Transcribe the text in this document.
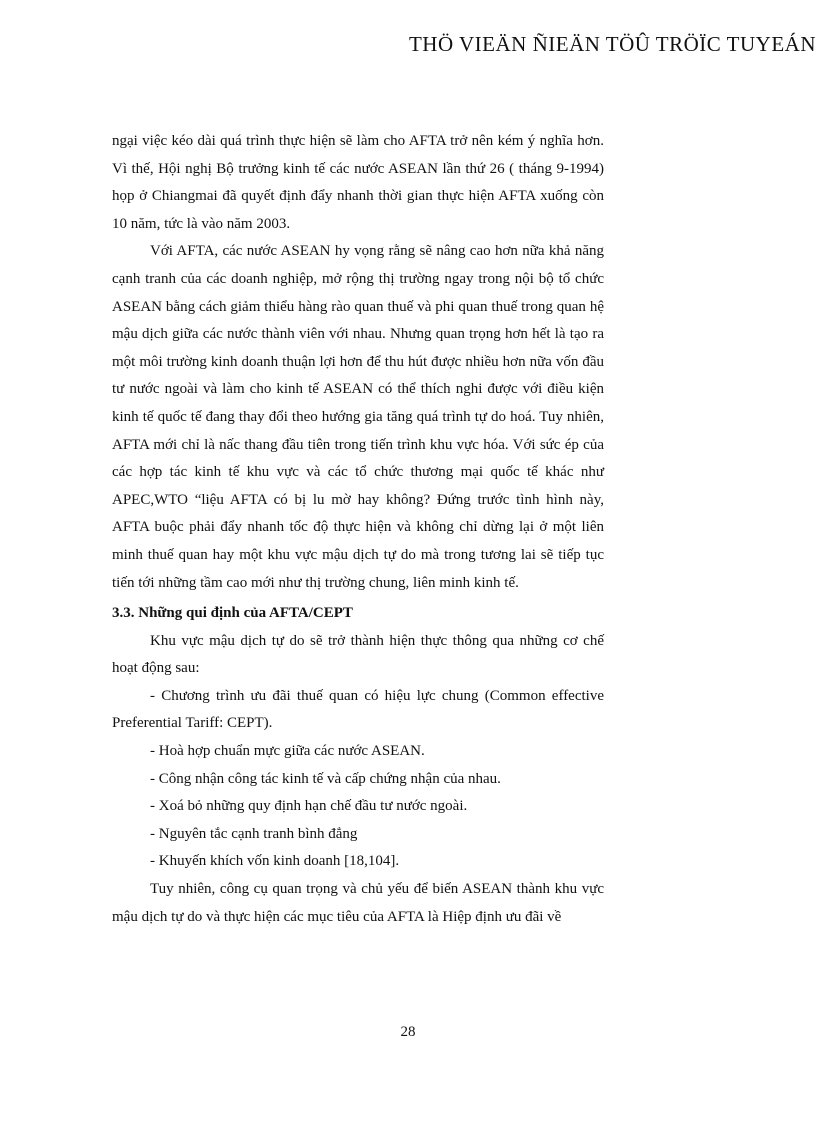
THÖ VIEÄN ÑIEÄN TÖÛ TRÖÏC TUYEÁN

ngại việc kéo dài quá trình thực hiện sẽ làm cho AFTA trở nên kém ý nghĩa hơn. Vì thế, Hội nghị Bộ trưởng kinh tế các nước ASEAN lần thứ 26 ( tháng 9-1994) họp ở Chiangmai đã quyết định đẩy nhanh thời gian thực hiện AFTA xuống còn 10 năm, tức là vào năm 2003.

Với AFTA, các nước ASEAN hy vọng rằng sẽ nâng cao hơn nữa khả năng cạnh tranh của các doanh nghiệp, mở rộng thị trường ngay trong nội bộ tổ chức ASEAN bằng cách giảm thiểu hàng rào quan thuế và phi quan thuế trong quan hệ mậu dịch giữa các nước thành viên với nhau. Nhưng quan trọng hơn hết là tạo ra một môi trường kinh doanh thuận lợi hơn để thu hút được nhiều hơn nữa vốn đầu tư nước ngoài và làm cho kinh tế ASEAN có thể thích nghi được với điều kiện kinh tế quốc tế đang thay đổi theo hướng gia tăng quá trình tự do hoá. Tuy nhiên, AFTA mới chỉ là nấc thang đầu tiên trong tiến trình khu vực hóa. Với sức ép của các hợp tác kinh tế khu vực và các tổ chức thương mại quốc tế khác như APEC,WTO “liệu AFTA có bị lu mờ hay không? Đứng trước tình hình này, AFTA buộc phải đẩy nhanh tốc độ thực hiện và không chỉ dừng lại ở một liên minh thuế quan hay một khu vực mậu dịch tự do mà trong tương lai sẽ tiếp tục tiến tới những tầm cao mới như thị trường chung, liên minh kinh tế.

3.3. Những qui định của AFTA/CEPT

Khu vực mậu dịch tự do sẽ trở thành hiện thực thông qua những cơ chế hoạt động sau:

- Chương trình ưu đãi thuế quan có hiệu lực chung (Common effective Preferential Tariff: CEPT).

- Hoà hợp chuẩn mực giữa các nước ASEAN.

- Công nhận công tác kinh tế và cấp chứng nhận của nhau.

- Xoá bỏ những quy định hạn chế đầu tư nước ngoài.

- Nguyên tắc cạnh tranh bình đẳng

- Khuyến khích vốn kinh doanh [18,104].

Tuy nhiên, công cụ quan trọng và chủ yếu để biến ASEAN thành khu vực mậu dịch tự do và thực hiện các mục tiêu của AFTA là Hiệp định ưu đãi về

28
